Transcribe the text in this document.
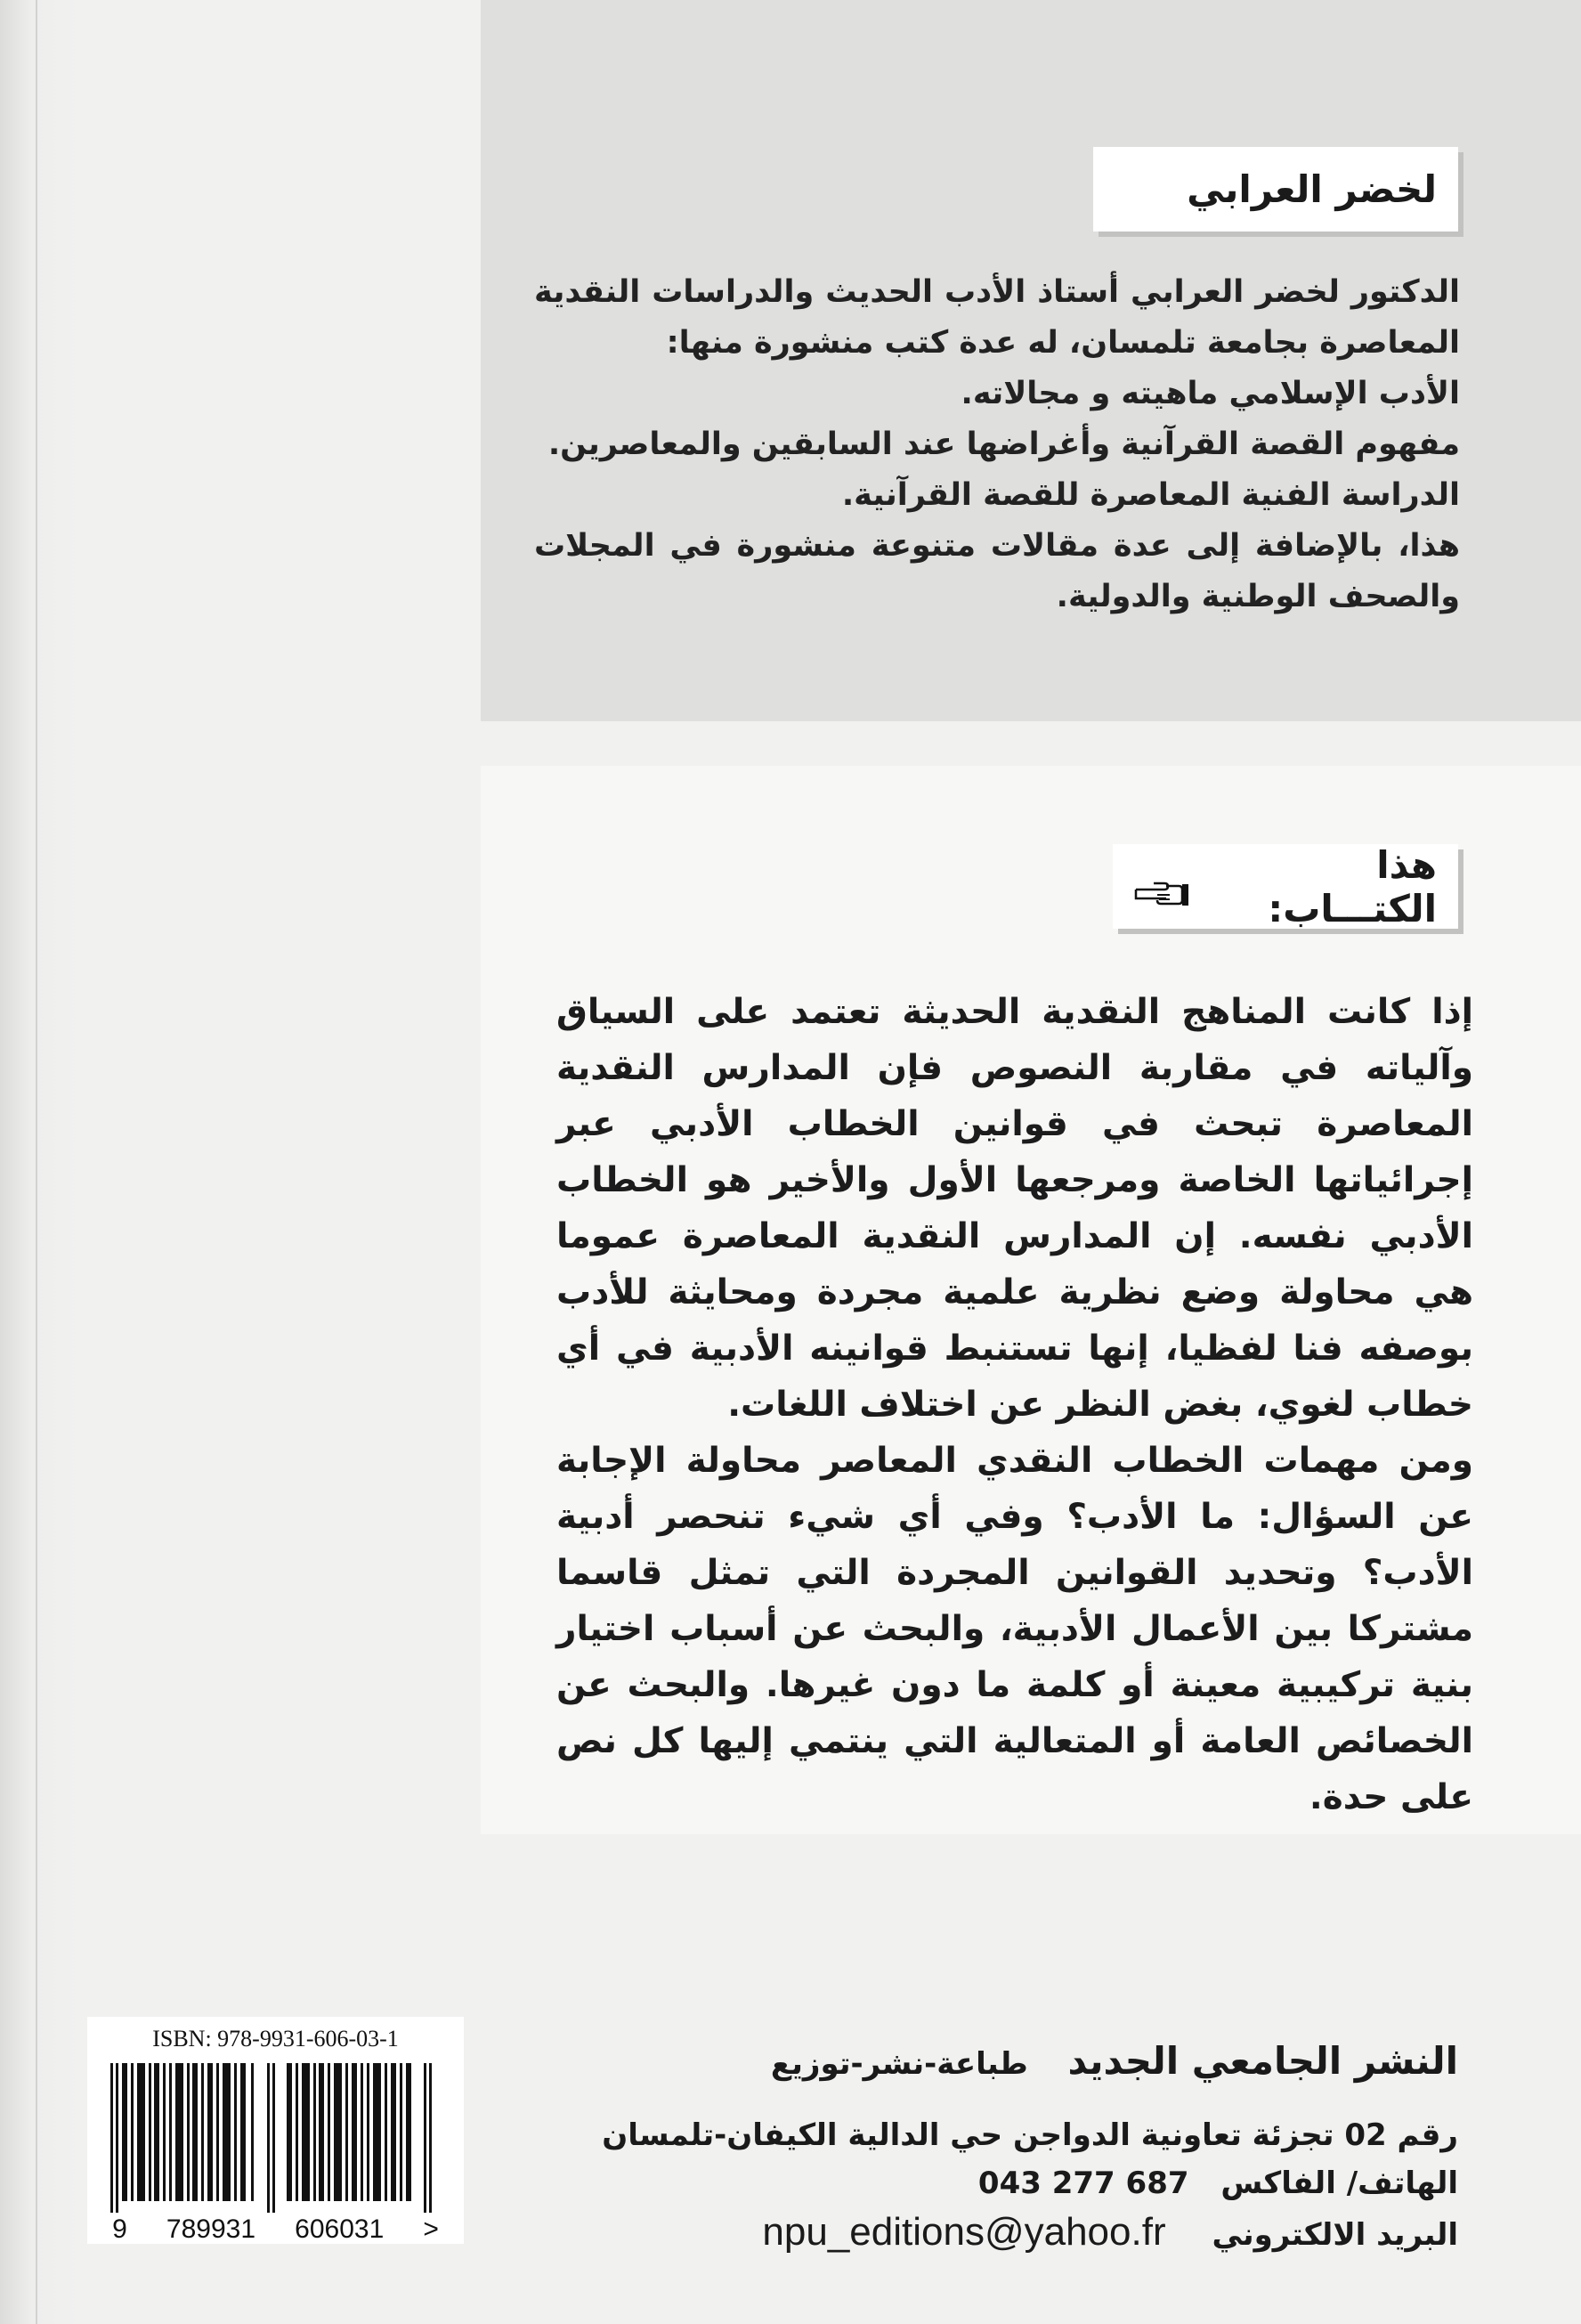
لخضر العرابي

الدكتور لخضر العرابي أستاذ الأدب الحديث والدراسات النقدية المعاصرة بجامعة تلمسان، له عدة كتب منشورة منها:

الأدب الإسلامي ماهيته و مجالاته.

مفهوم القصة القرآنية وأغراضها عند السابقين والمعاصرين.

الدراسة الفنية المعاصرة للقصة القرآنية.

هذا، بالإضافة إلى عدة مقالات متنوعة منشورة في المجلات والصحف الوطنية والدولية.

هذا الكتـــاب:

إذا كانت المناهج النقدية الحديثة تعتمد على السياق وآلياته في مقاربة النصوص فإن المدارس النقدية المعاصرة تبحث في قوانين الخطاب الأدبي عبر إجرائياتها الخاصة ومرجعها الأول والأخير هو الخطاب الأدبي نفسه. إن المدارس النقدية المعاصرة عموما هي محاولة وضع نظرية علمية مجردة ومحايثة للأدب بوصفه فنا لفظيا، إنها تستنبط قوانينه الأدبية في أي خطاب لغوي، بغض النظر عن اختلاف اللغات.

ومن مهمات الخطاب النقدي المعاصر محاولة الإجابة عن السؤال: ما الأدب؟ وفي أي شيء تنحصر أدبية الأدب؟ وتحديد القوانين المجردة التي تمثل قاسما مشتركا بين الأعمال الأدبية، والبحث عن أسباب اختيار بنية تركيبية معينة أو كلمة ما دون غيرها. والبحث عن الخصائص العامة أو المتعالية التي ينتمي إليها كل نص على حدة.

ISBN: 978-9931-606-03-1
9 789931 606031 >
النشر الجامعي الجديد طباعة-نشر-توزيع
رقم 02 تجزئة تعاونية الدواجن حي الدالية الكيفان-تلمسان
الهاتف/ الفاكس 043 277 687
البريد الالكتروني npu_editions@yahoo.fr
